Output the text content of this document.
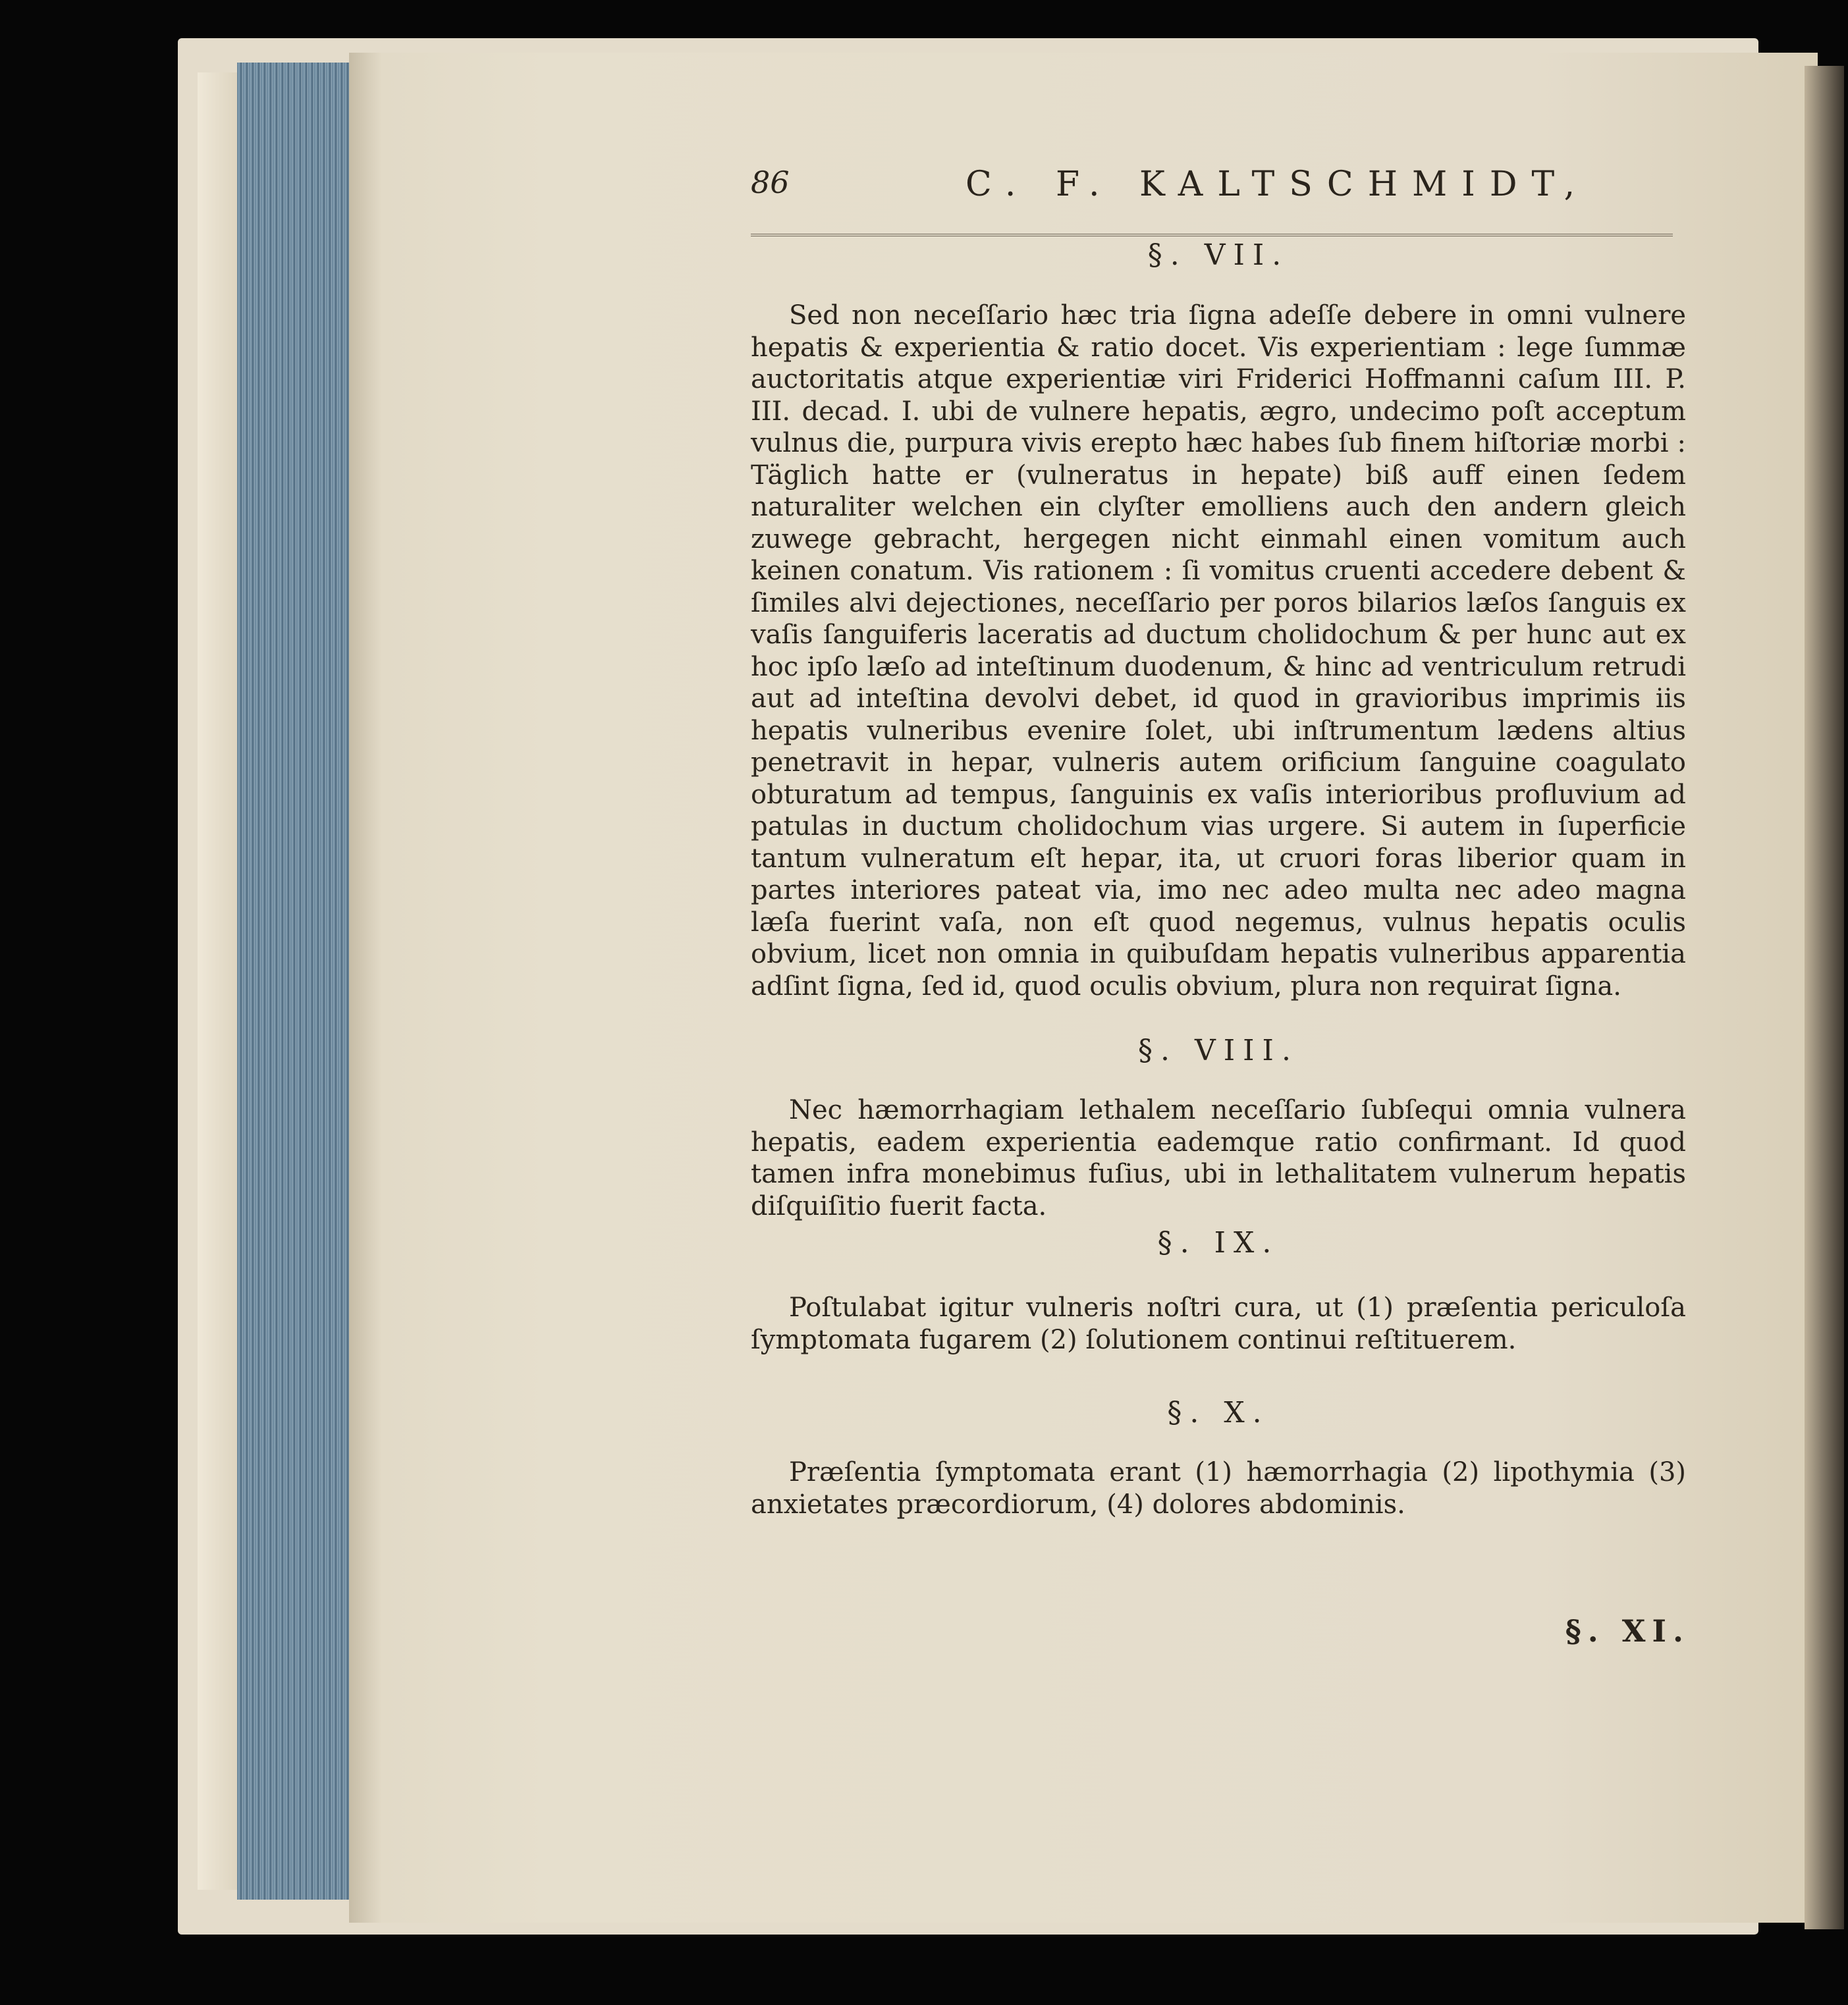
86	C. F. KALTSCHMIDT,
§. VII.
Sed non neceſſario hæc tria ſigna adeſſe debere in omni vulnere hepatis & experientia & ratio docet. Vis experientiam : lege ſummæ auctoritatis atque experientiæ viri Friderici Hoffmanni caſum III. P. III. decad. I. ubi de vulnere hepatis, ægro, undecimo poſt acceptum vulnus die, purpura vivis erepto hæc habes ſub finem hiſtoriæ morbi : Täglich hatte er (vulneratus in hepate) biß auff einen ſedem naturaliter welchen ein clyſter emolliens auch den andern gleich zuwege gebracht, hergegen nicht einmahl einen vomitum auch keinen conatum. Vis rationem : ſi vomitus cruenti accedere debent & ſimiles alvi dejectiones, neceſſario per poros bilarios læſos ſanguis ex vaſis ſanguiferis laceratis ad ductum cholidochum & per hunc aut ex hoc ipſo læſo ad inteſtinum duodenum, & hinc ad ventriculum retrudi aut ad inteſtina devolvi debet, id quod in gravioribus imprimis iis hepatis vulneribus evenire ſolet, ubi inſtrumentum lædens altius penetravit in hepar, vulneris autem orificium ſanguine coagulato obturatum ad tempus, ſanguinis ex vaſis interioribus profluvium ad patulas in ductum cholidochum vias urgere. Si autem in ſuperficie tantum vulneratum eſt hepar, ita, ut cruori foras liberior quam in partes interiores pateat via, imo nec adeo multa nec adeo magna læſa fuerint vaſa, non eſt quod negemus, vulnus hepatis oculis obvium, licet non omnia in quibuſdam hepatis vulneribus apparentia adſint ſigna, ſed id, quod oculis obvium, plura non requirat ſigna.
§. VIII.
Nec hæmorrhagiam lethalem neceſſario ſubſequi omnia vulnera hepatis, eadem experientia eademque ratio confirmant. Id quod tamen infra monebimus fuſius, ubi in lethalitatem vulnerum hepatis diſquiſitio fuerit facta.
§. IX.
Poſtulabat igitur vulneris noſtri cura, ut (1) præſentia periculoſa ſymptomata fugarem (2) ſolutionem continui reſtituerem.
§. X.
Præſentia ſymptomata erant (1) hæmorrhagia (2) lipothymia (3) anxietates præcordiorum, (4) dolores abdominis.
§. XI.
